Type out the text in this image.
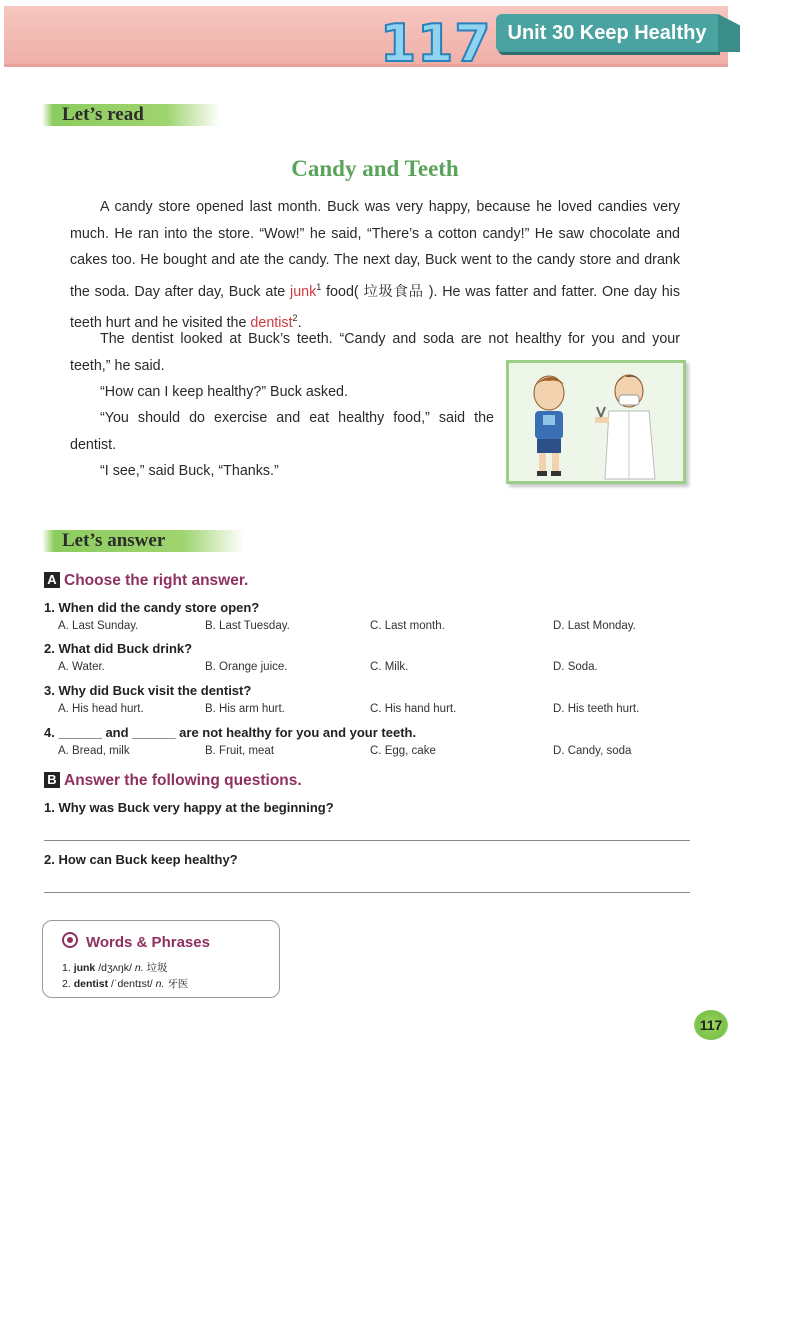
117 Unit 30 Keep Healthy
Let’s read
Candy and Teeth

A candy store opened last month. Buck was very happy, because he loved candies very much. He ran into the store. “Wow!” he said, “There’s a cotton candy!” He saw chocolate and cakes too. He bought and ate the candy. The next day, Buck went to the candy store and drank the soda. Day after day, Buck ate junk$^1$ food( 垃圾食品 ). He was fatter and fatter. One day his teeth hurt and he visited the dentist$^2$.

The dentist looked at Buck’s teeth. “Candy and soda are not healthy for you and your teeth,” he said.

“How can I keep healthy?” Buck asked.

“You should do exercise and eat healthy food,” said the dentist.

“I see,” said Buck, “Thanks.”

Let’s answer
A Choose the right answer.
1. When did the candy store open?
A. Last Sunday.	B. Last Tuesday.	C. Last month.	D. Last Monday.
2. What did Buck drink?
A. Water.	B. Orange juice.	C. Milk.	D. Soda.
3. Why did Buck visit the dentist?
A. His head hurt.	B. His arm hurt.	C. His hand hurt.	D. His teeth hurt.
4. ______ and ______ are not healthy for you and your teeth.
A. Bread, milk	B. Fruit, meat	C. Egg, cake	D. Candy, soda
B Answer the following questions.
1. Why was Buck very happy at the beginning?
2. How can Buck keep healthy?
Words & Phrases
1. junk /dʒʌŋk/ n. 垃圾
2. dentist /ˈdentɪst/ n. 牙医
117
